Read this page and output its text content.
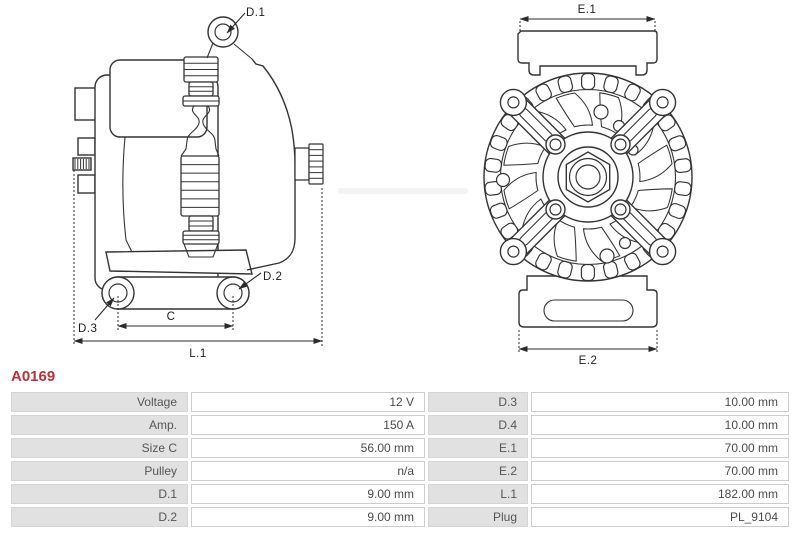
D.1
D.2
D.3
C
L.1
E.1
E.2
A0169
Voltage	12 V	D.3	10.00 mm
Amp.	150 A	D.4	10.00 mm
Size C	56.00 mm	E.1	70.00 mm
Pulley	n/a	E.2	70.00 mm
D.1	9.00 mm	L.1	182.00 mm
D.2	9.00 mm	Plug	PL_9104
